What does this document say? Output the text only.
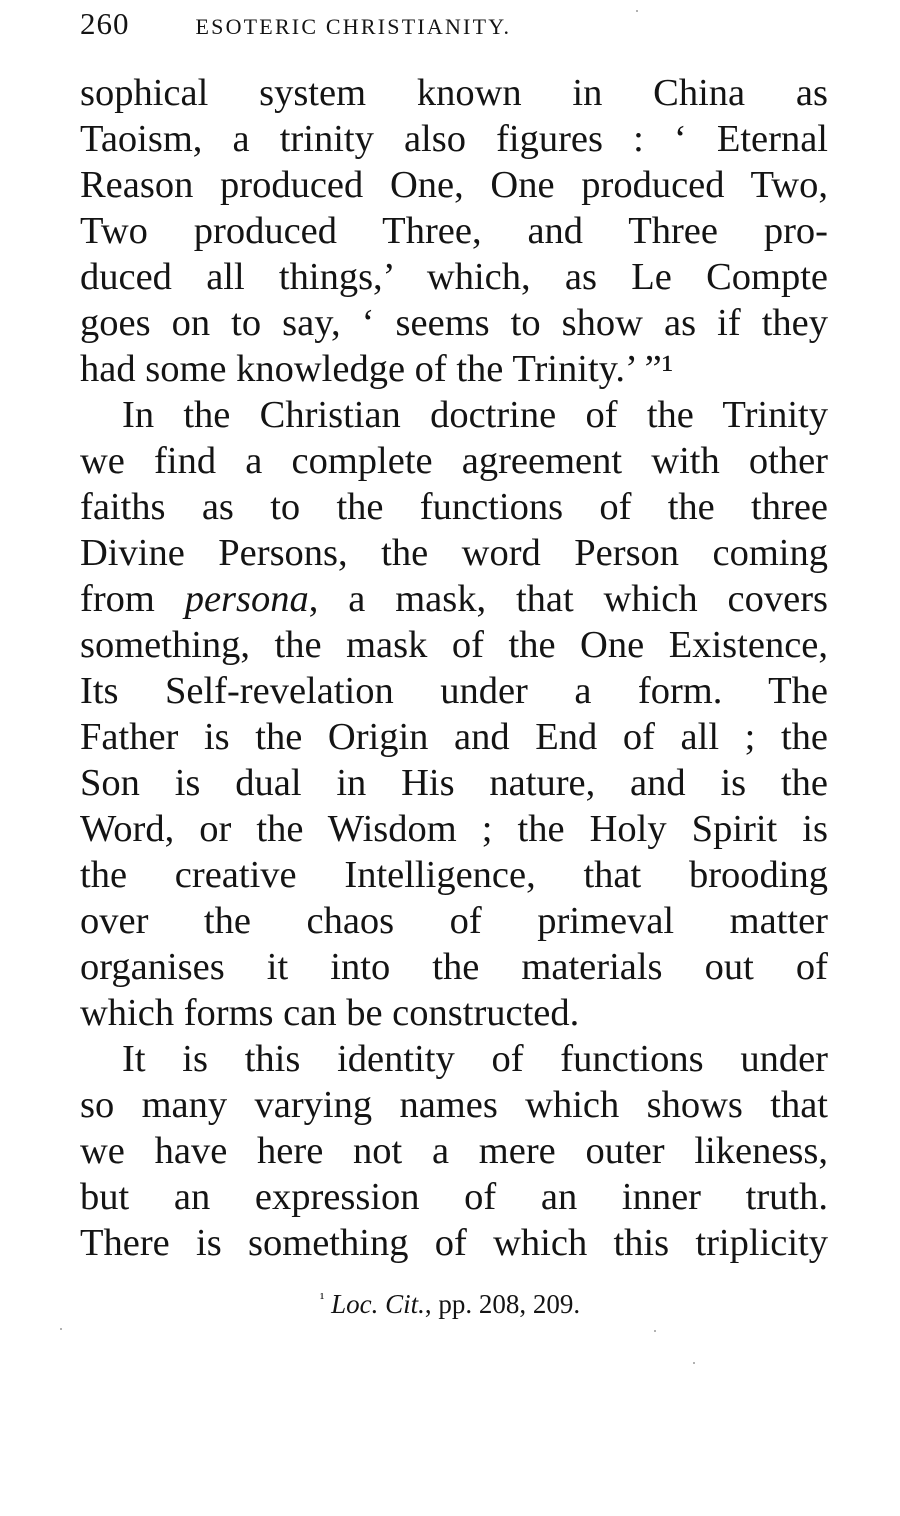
260	ESOTERIC CHRISTIANITY.
sophical system known in China as
Taoism, a trinity also figures : ‘ Eternal
Reason produced One, One produced Two,
Two produced Three, and Three pro-
duced all things,’ which, as Le Compte
goes on to say, ‘ seems to show as if they
had some knowledge of the Trinity.’ ”¹
In the Christian doctrine of the Trinity
we find a complete agreement with other
faiths as to the functions of the three
Divine Persons, the word Person coming
from persona, a mask, that which covers
something, the mask of the One Existence,
Its Self-revelation under a form. The
Father is the Origin and End of all ; the
Son is dual in His nature, and is the
Word, or the Wisdom ; the Holy Spirit is
the creative Intelligence, that brooding
over the chaos of primeval matter
organises it into the materials out of
which forms can be constructed.
It is this identity of functions under
so many varying names which shows that
we have here not a mere outer likeness,
but an expression of an inner truth.
There is something of which this triplicity
$^{^1}$ Loc. Cit., pp. 208, 209.
